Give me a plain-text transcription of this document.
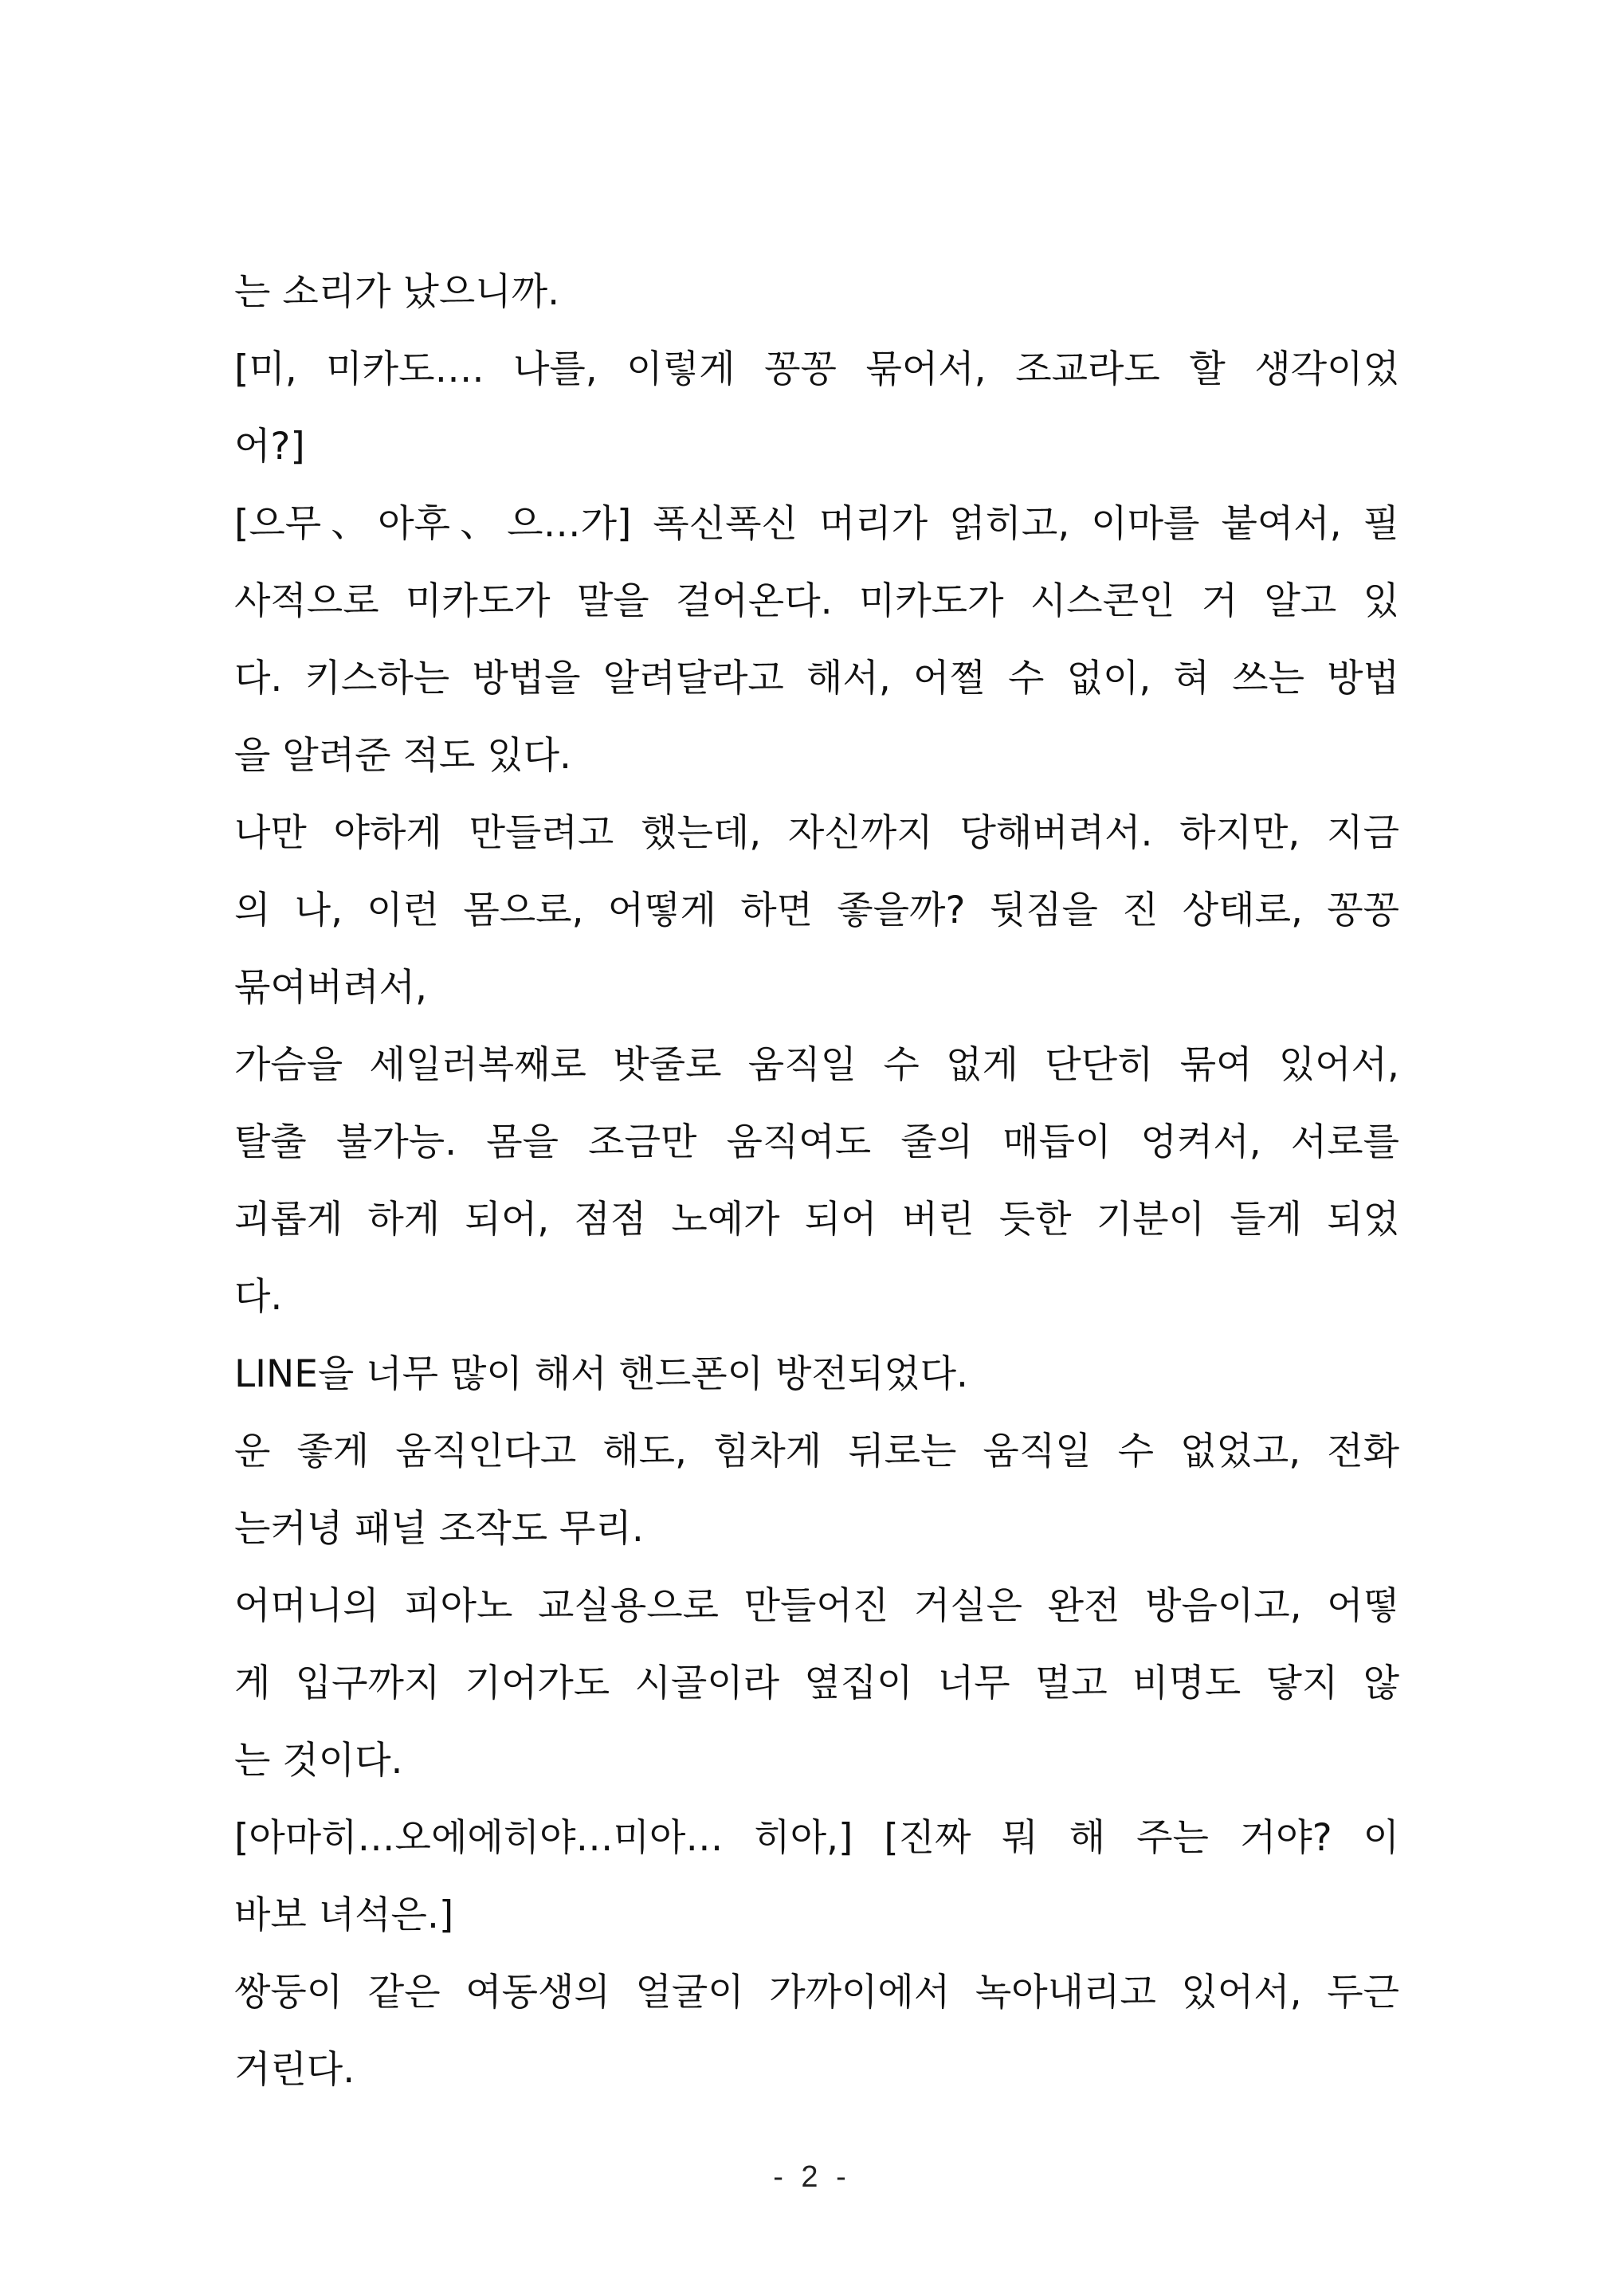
는 소리가 났으니까.
[미, 미카도…. 나를, 이렇게 꽁꽁 묶어서, 조교라도 할 생각이었
어?]
[으무、아후、으…가] 폭신폭신 머리가 얽히고, 이마를 붙여서, 필
사적으로 미카도가 말을 걸어온다. 미카도가 시스콘인 거 알고 있
다. 키스하는 방법을 알려달라고 해서, 어쩔 수 없이, 혀 쓰는 방법
을 알려준 적도 있다.
나만 야하게 만들려고 했는데, 자신까지 당해버려서. 하지만, 지금
의 나, 이런 몸으로, 어떻게 하면 좋을까? 뒷짐을 진 상태로, 꽁꽁
묶여버려서,
가슴을 세일러복째로 밧줄로 움직일 수 없게 단단히 묶여 있어서,
탈출 불가능. 몸을 조금만 움직여도 줄의 매듭이 엉켜서, 서로를
괴롭게 하게 되어, 점점 노예가 되어 버린 듯한 기분이 들게 되었
다.
LINE을 너무 많이 해서 핸드폰이 방전되었다.
운 좋게 움직인다고 해도, 힘차게 뒤로는 움직일 수 없었고, 전화
는커녕 패널 조작도 무리.
어머니의 피아노 교실용으로 만들어진 거실은 완전 방음이고, 어떻
게 입구까지 기어가도 시골이라 옆집이 너무 멀고 비명도 닿지 않
는 것이다.
[아마히…오에에히야…미아… 히아,] [진짜 뭐 해 주는 거야? 이
바보 녀석은.]
쌍둥이 같은 여동생의 얼굴이 가까이에서 녹아내리고 있어서, 두근
거린다.
- 2 -
